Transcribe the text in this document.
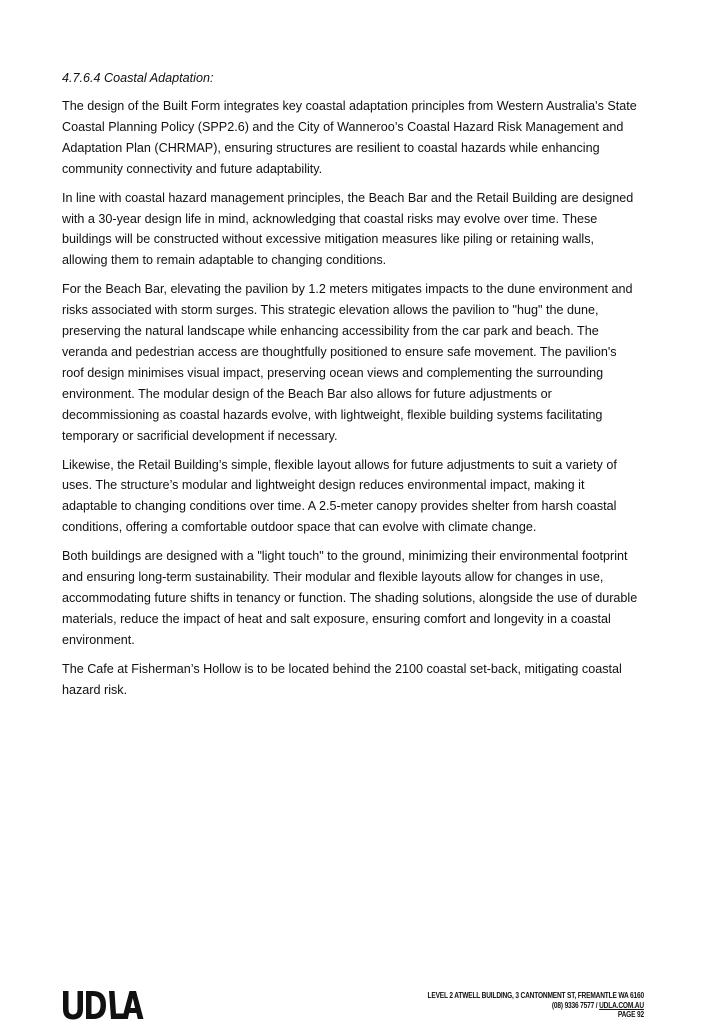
4.7.6.4 Coastal Adaptation:

The design of the Built Form integrates key coastal adaptation principles from Western Australia's State
Coastal Planning Policy (SPP2.6) and the City of Wanneroo’s Coastal Hazard Risk Management and
Adaptation Plan (CHRMAP), ensuring structures are resilient to coastal hazards while enhancing
community connectivity and future adaptability.

In line with coastal hazard management principles, the Beach Bar and the Retail Building are designed
with a 30-year design life in mind, acknowledging that coastal risks may evolve over time. These
buildings will be constructed without excessive mitigation measures like piling or retaining walls,
allowing them to remain adaptable to changing conditions.

For the Beach Bar, elevating the pavilion by 1.2 meters mitigates impacts to the dune environment and
risks associated with storm surges. This strategic elevation allows the pavilion to "hug" the dune,
preserving the natural landscape while enhancing accessibility from the car park and beach. The
veranda and pedestrian access are thoughtfully positioned to ensure safe movement. The pavilion's
roof design minimises visual impact, preserving ocean views and complementing the surrounding
environment. The modular design of the Beach Bar also allows for future adjustments or
decommissioning as coastal hazards evolve, with lightweight, flexible building systems facilitating
temporary or sacrificial development if necessary.

Likewise, the Retail Building’s simple, flexible layout allows for future adjustments to suit a variety of
uses. The structure’s modular and lightweight design reduces environmental impact, making it
adaptable to changing conditions over time. A 2.5-meter canopy provides shelter from harsh coastal
conditions, offering a comfortable outdoor space that can evolve with climate change.

Both buildings are designed with a "light touch" to the ground, minimizing their environmental footprint
and ensuring long-term sustainability. Their modular and flexible layouts allow for changes in use,
accommodating future shifts in tenancy or function. The shading solutions, alongside the use of durable
materials, reduce the impact of heat and salt exposure, ensuring comfort and longevity in a coastal
environment.

The Cafe at Fisherman’s Hollow is to be located behind the 2100 coastal set-back, mitigating coastal
hazard risk.

LEVEL 2 ATWELL BUILDING, 3 CANTONMENT ST, FREMANTLE WA 6160
(08) 9336 7577 / UDLA.COM.AU
PAGE 92
